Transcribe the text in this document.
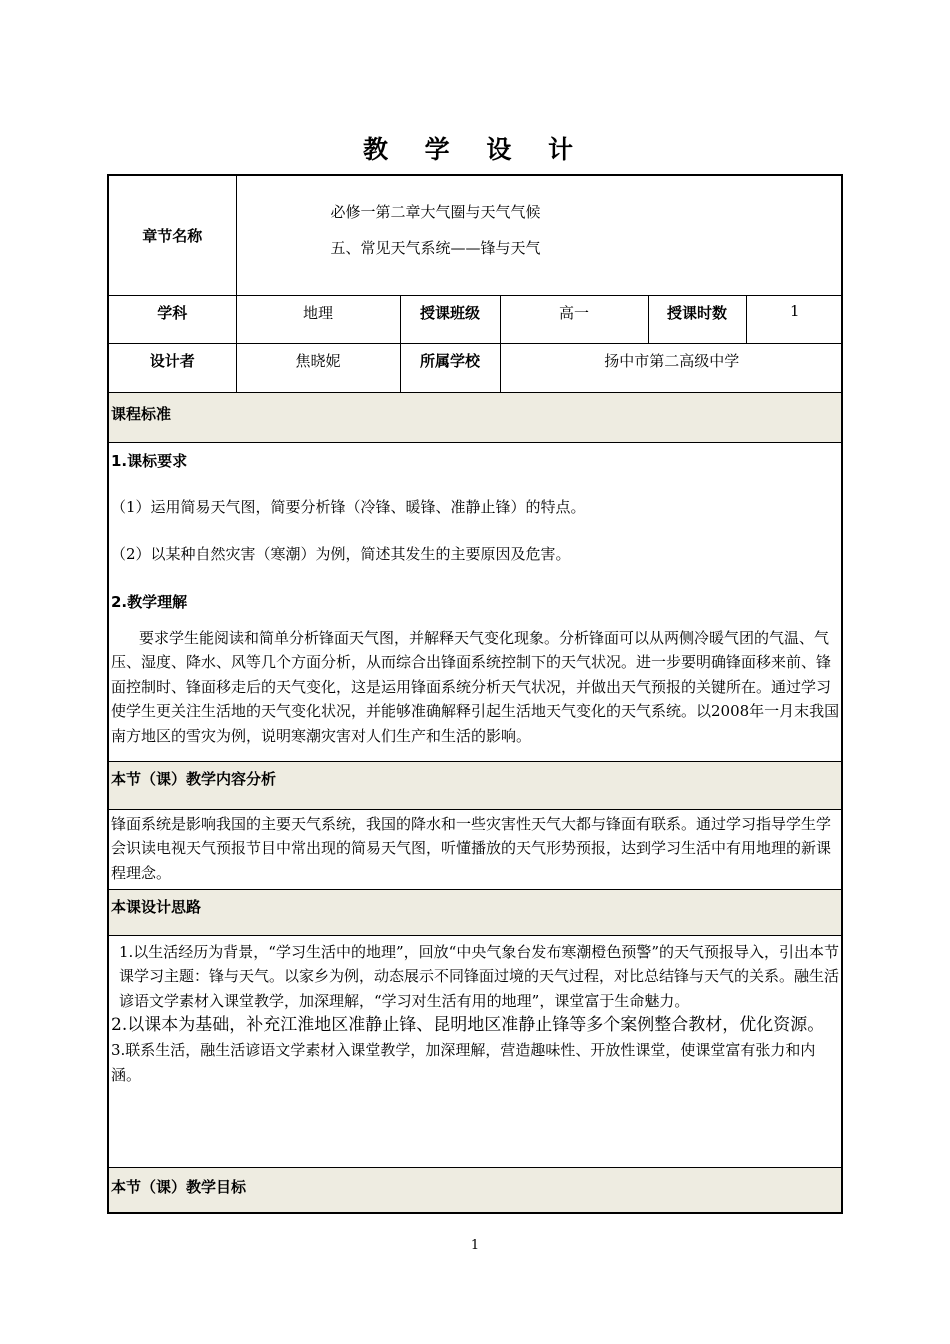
教 学 设 计
章节名称	必修一第二章大气圈与天气气候
五、常见天气系统——锋与天气				

学科	地理	授课班级	高一	授课时数	1
设计者	焦晓妮	所属学校	扬中市第二高级中学		

课程标准					

1.课标要求

（1）运用简易天气图，简要分析锋（冷锋、暖锋、准静止锋）的特点。

（2）以某种自然灾害（寒潮）为例，简述其发生的主要原因及危害。

2.教学理解

要求学生能阅读和简单分析锋面天气图，并解释天气变化现象。分析锋面可以从两侧冷暖气团的气温、气压、湿度、降水、风等几个方面分析，从而综合出锋面系统控制下的天气状况。进一步要明确锋面移来前、锋面控制时、锋面移走后的天气变化，这是运用锋面系统分析天气状况，并做出天气预报的关键所在。通过学习使学生更关注生活地的天气变化状况，并能够准确解释引起生活地天气变化的天气系统。以2008年一月末我国南方地区的雪灾为例，说明寒潮灾害对人们生产和生活的影响。					

本节（课）教学内容分析					

锋面系统是影响我国的主要天气系统，我国的降水和一些灾害性天气大都与锋面有联系。通过学习指导学生学会识读电视天气预报节目中常出现的简易天气图，听懂播放的天气形势预报，达到学习生活中有用地理的新课程理念。					

本课设计思路					

1.以生活经历为背景，“学习生活中的地理”，回放“中央气象台发布寒潮橙色预警”的天气预报导入，引出本节课学习主题：锋与天气。以家乡为例，动态展示不同锋面过境的天气过程，对比总结锋与天气的关系。融生活谚语文学素材入课堂教学，加深理解，“学习对生活有用的地理”，课堂富于生命魅力。

2.以课本为基础，补充江淮地区准静止锋、昆明地区准静止锋等多个案例整合教材，优化资源。

3.联系生活，融生活谚语文学素材入课堂教学，加深理解，营造趣味性、开放性课堂，使课堂富有张力和内涵。					

本节（课）教学目标					

1
